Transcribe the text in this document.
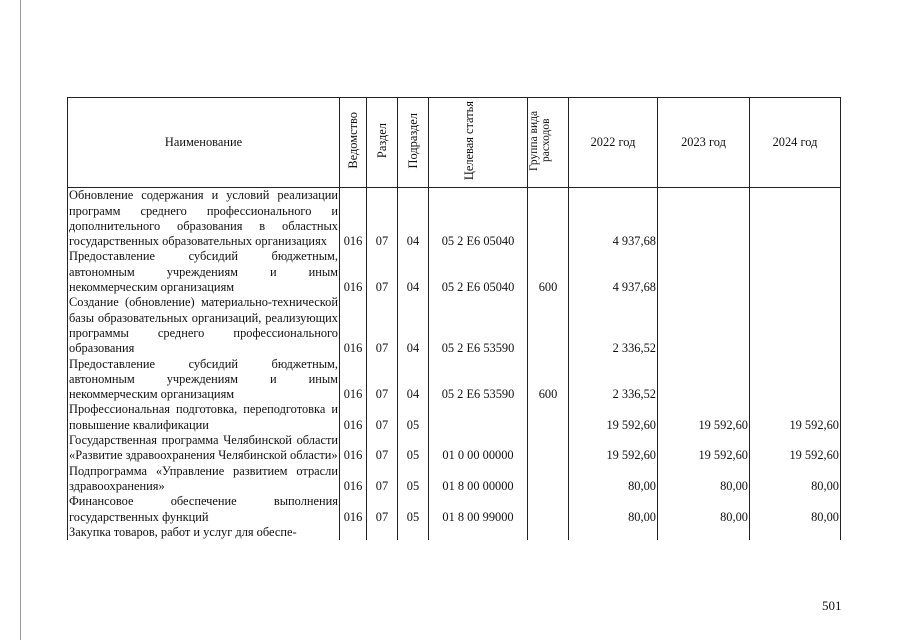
Наименование	Ведомство	Раздел	Подраздел	Целевая статья	Группа вида расходов	2022 год	2023 год	2024 год
Обновление содержания и условий реализации программ среднего профессионального и дополнительного образования в областных государственных образовательных организациях	016	07	04	05 2 Е6 05040		4 937,68		
Предоставление субсидий бюджетным, автономным учреждениям и иным некоммерческим организациям	016	07	04	05 2 Е6 05040	600	4 937,68		
Создание (обновление) материально-технической базы образовательных организаций, реализующих программы среднего профессионального образования	016	07	04	05 2 Е6 53590		2 336,52		
Предоставление субсидий бюджетным, автономным учреждениям и иным некоммерческим организациям	016	07	04	05 2 Е6 53590	600	2 336,52		
Профессиональная подготовка, переподготовка и повышение квалификации	016	07	05			19 592,60	19 592,60	19 592,60
Государственная программа Челябинской области «Развитие здравоохранения Челябинской области»	016	07	05	01 0 00 00000		19 592,60	19 592,60	19 592,60
Подпрограмма «Управление развитием отрасли здравоохранения»	016	07	05	01 8 00 00000		80,00	80,00	80,00
Финансовое обеспечение выполнения государственных функций	016	07	05	01 8 00 99000		80,00	80,00	80,00
Закупка товаров, работ и услуг для обеспе-								
501
